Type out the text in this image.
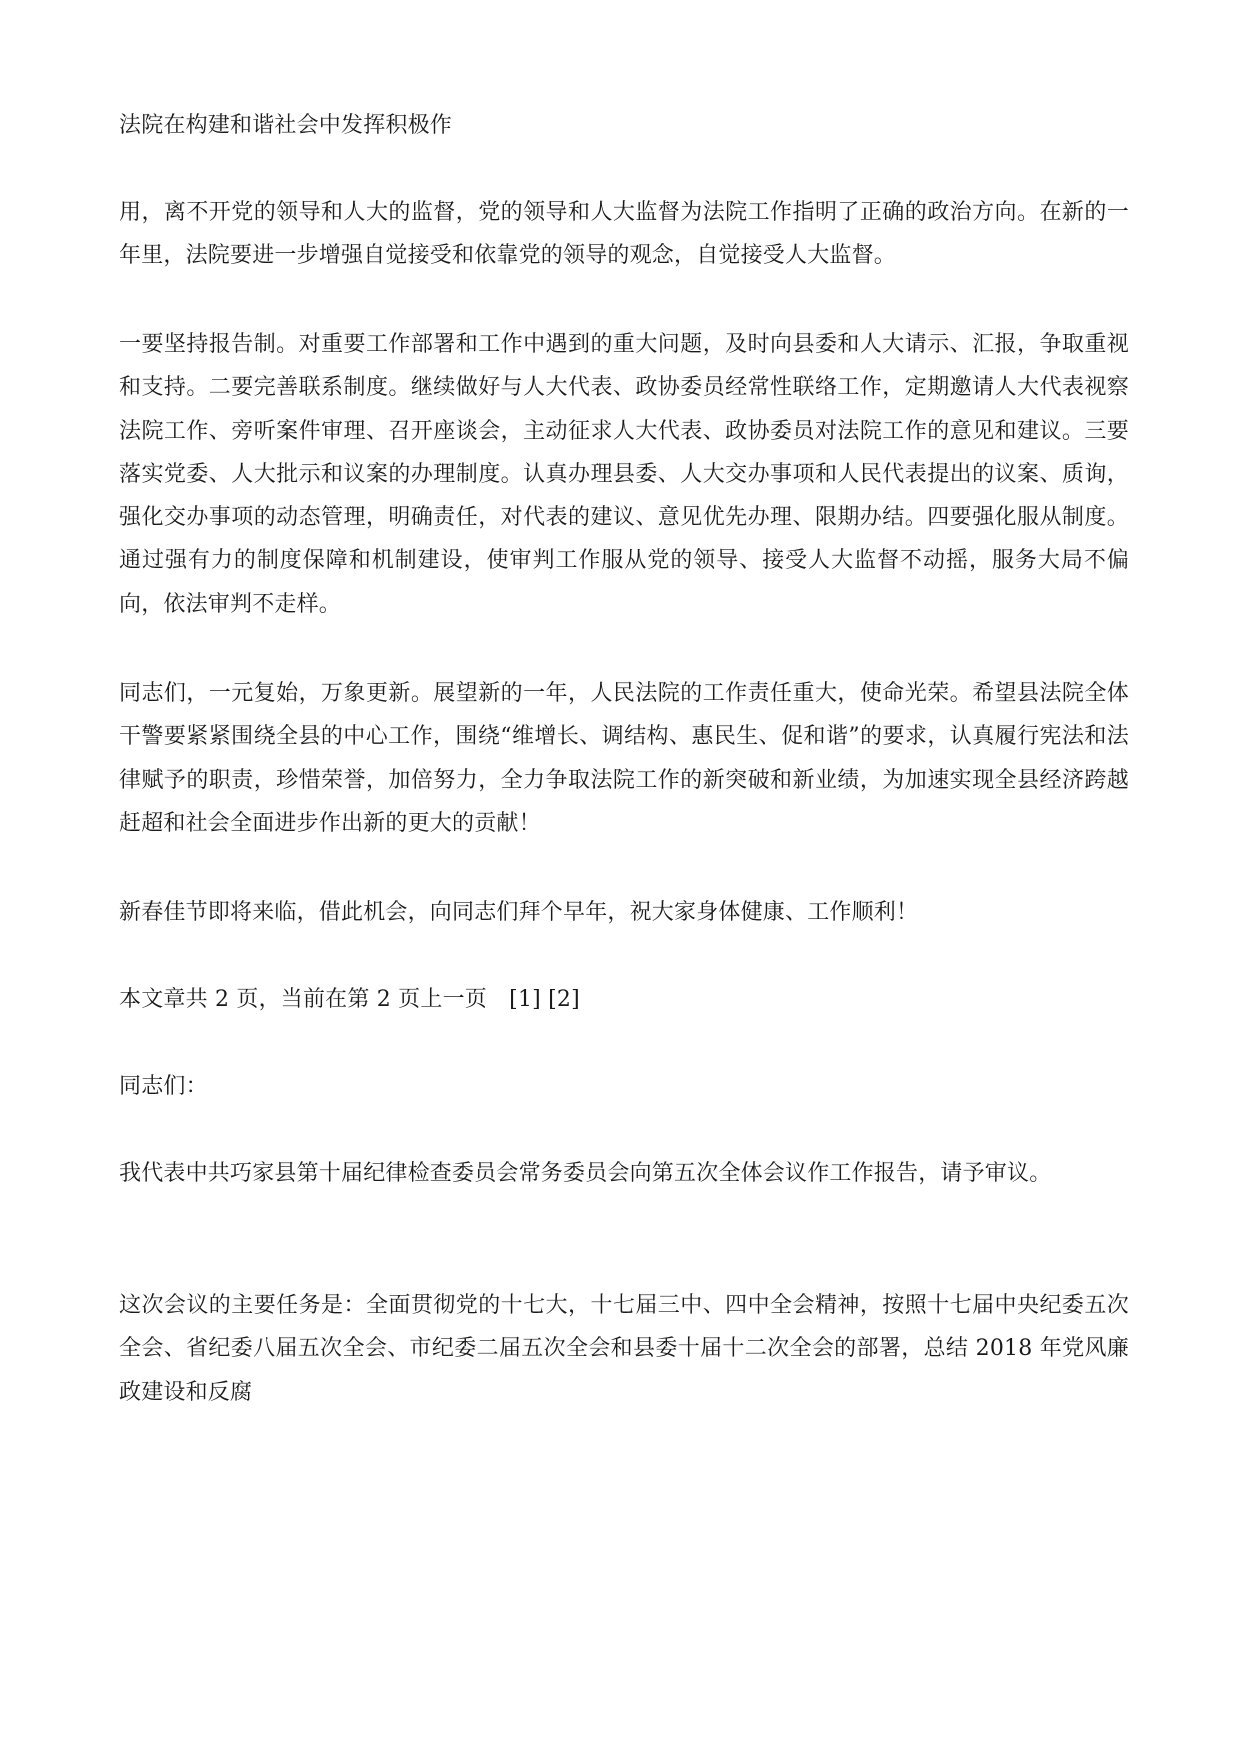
法院在构建和谐社会中发挥积极作

用，离不开党的领导和人大的监督，党的领导和人大监督为法院工作指明了正确的政治方向。在新的一年里，法院要进一步增强自觉接受和依靠党的领导的观念，自觉接受人大监督。

一要坚持报告制。对重要工作部署和工作中遇到的重大问题，及时向县委和人大请示、汇报，争取重视和支持。二要完善联系制度。继续做好与人大代表、政协委员经常性联络工作，定期邀请人大代表视察法院工作、旁听案件审理、召开座谈会，主动征求人大代表、政协委员对法院工作的意见和建议。三要落实党委、人大批示和议案的办理制度。认真办理县委、人大交办事项和人民代表提出的议案、质询，强化交办事项的动态管理，明确责任，对代表的建议、意见优先办理、限期办结。四要强化服从制度。通过强有力的制度保障和机制建设，使审判工作服从党的领导、接受人大监督不动摇，服务大局不偏向，依法审判不走样。

同志们，一元复始，万象更新。展望新的一年，人民法院的工作责任重大，使命光荣。希望县法院全体干警要紧紧围绕全县的中心工作，围绕“维增长、调结构、惠民生、促和谐”的要求，认真履行宪法和法律赋予的职责，珍惜荣誉，加倍努力，全力争取法院工作的新突破和新业绩，为加速实现全县经济跨越赶超和社会全面进步作出新的更大的贡献！

新春佳节即将来临，借此机会，向同志们拜个早年，祝大家身体健康、工作顺利！

本文章共 2 页，当前在第 2 页上一页　[1] [2]

同志们：

我代表中共巧家县第十届纪律检查委员会常务委员会向第五次全体会议作工作报告，请予审议。

这次会议的主要任务是：全面贯彻党的十七大，十七届三中、四中全会精神，按照十七届中央纪委五次全会、省纪委八届五次全会、市纪委二届五次全会和县委十届十二次全会的部署，总结 2018 年党风廉政建设和反腐
